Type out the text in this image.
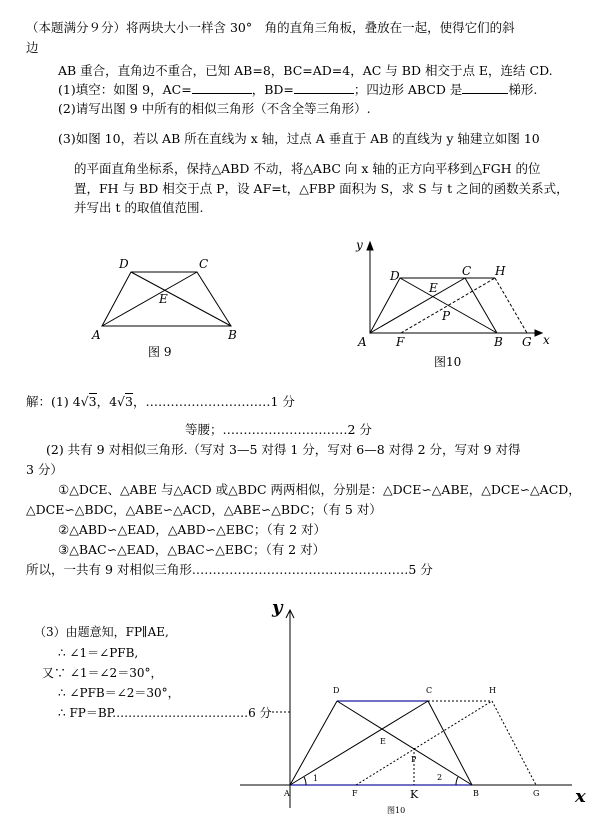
（本题满分９分）将两块大小一样含 30°　角的直角三角板，叠放在一起，使得它们的斜
边
AB 重合，直角边不重合，已知 AB=8，BC=AD=4，AC 与 BD 相交于点 E，连结 CD.
(1)填空：如图 9，AC=	，BD=	；四边形 ABCD 是	梯形.
(2)请写出图 9 中所有的相似三角形（不含全等三角形）.
(3)如图 10，若以 AB 所在直线为 x 轴，过点 A 垂直于 AB 的直线为 y 轴建立如图 10
的平面直角坐标系，保持△ABD 不动，将△ABC 向 x 轴的正方向平移到△FGH 的位
置，FH 与 BD 相交于点 P，设 AF=t，△FBP 面积为 S，求 S 与 t 之间的函数关系式，
并写出 t 的取值值范围.
D	C
E
A	B
图 9
y
x
D	C H
E
P
A F	B G
图10
解：(1) 4√3，4√3，…………………………1 分
等腰；…………………………2 分
(2) 共有 9 对相似三角形.（写对 3—5 对得 1 分，写对 6—8 对得 2 分，写对 9 对得
3 分）
①△DCE、△ABE 与△ACD 或△BDC 两两相似，分别是：△DCE∽△ABE，△DCE∽△ACD，
△DCE∽△BDC，△ABE∽△ACD，△ABE∽△BDC；（有 5 对）
②△ABD∽△EAD，△ABD∽△EBC；（有 2 对）
③△BAC∽△EAD，△BAC∽△EBC；（有 2 对）
所以，一共有 9 对相似三角形.……………………………………………5 分
（3）由题意知，FP∥AE,
∴ ∠1＝∠PFB,
又∵ ∠1＝∠2＝30°，
∴ ∠PFB＝∠2＝30°，
∴ FP＝BP.……………………………6 分
D	C	H
E
P
A	F	B	G
1	2
K
y
x
图10
